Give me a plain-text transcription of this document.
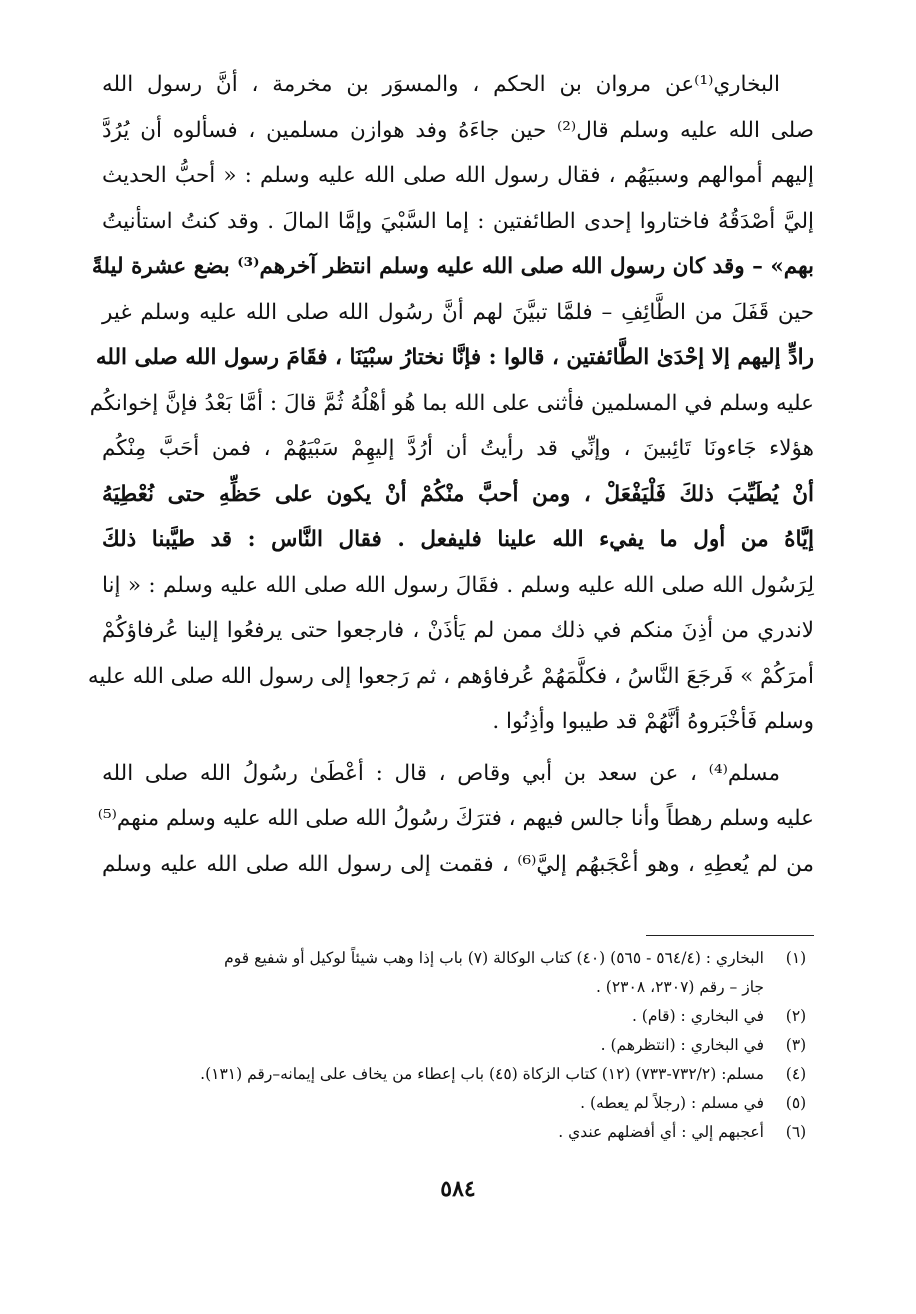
البخاري⁽¹⁾عن مروان بن الحكم ، والمسوَر بن مخرمة ، أنَّ رسول الله
صلى الله عليه وسلم قال⁽²⁾ حين جاءَهُ وفد هوازن مسلمين ، فسألوه أن يُرُدَّ
إليهم أموالهم وسبيَهُم ، فقال رسول الله صلى الله عليه وسلم : « أحبُّ الحديث
إليَّ أصْدَقُهُ فاختاروا إحدى الطائفتين : إما السَّبْيَ وإمَّا المالَ . وقد كنتُ استأنيتُ
بهم» – وقد كان رسول الله صلى الله عليه وسلم انتظر آخرهم⁽³⁾ بضع عشرة ليلةً
حين قَفَلَ من الطَّائِفِ – فلمَّا تبيَّنَ لهم أنَّ رسُول الله صلى الله عليه وسلم غير
رادٍّ إليهم إلا إحْدَىٰ الطَّائفتين ، قالوا : فإنَّا نختارُ سبْيَنَا ، فقَامَ رسول الله صلى الله
عليه وسلم في المسلمين فأثنى على الله بما هُو أهْلُهُ ثُمَّ قالَ : أمَّا بَعْدُ فإنَّ إخوانكُم
هؤلاء جَاءونَا تَائِبينَ ، وإنِّي قد رأيتُ أن أرُدَّ إليهِمْ سَبْيَهُمْ ، فمن أحَبَّ مِنْكُم
أنْ يُطَيِّبَ ذلكَ فَلْيَفْعَلْ ، ومن أحبَّ منْكُمْ أنْ يكون على حَظِّهِ حتى نُعْطِيَهُ
إيَّاهُ من أول ما يفيء الله علينا فليفعل . فقال النَّاس : قد طيَّبنا ذلكَ
لِرَسُول الله صلى الله عليه وسلم . فقَالَ رسول الله صلى الله عليه وسلم : « إنا
لاندري من أذِنَ منكم في ذلك ممن لم يَأذَنْ ، فارجعوا حتى يرفعُوا إلينا عُرفاؤكُمْ
أمرَكُمْ » فَرجَعَ النَّاسُ ، فكلَّمَهُمْ عُرفاؤهم ، ثم رَجعوا إلى رسول الله صلى الله عليه
وسلم فَأخْبَروهُ أنَّهُمْ قد طيبوا وأذِنُوا .
مسلم⁽⁴⁾ ، عن سعد بن أبي وقاص ، قال : أعْطَىٰ رسُولُ الله صلى الله
عليه وسلم رهطاً وأنا جالس فيهم ، فترَكَ رسُولُ الله صلى الله عليه وسلم منهم⁽⁵⁾
من لم يُعطِهِ ، وهو أعْجَبهُم إليَّ⁽⁶⁾ ، فقمت إلى رسول الله صلى الله عليه وسلم
(١)
البخاري : (٥٦٤/٤ - ٥٦٥) (٤٠) كتاب الوكالة (٧) باب إذا وهب شيئاً لوكيل أو شفيع قوم
جاز – رقم (٢٣٠٧، ٢٣٠٨) .
(٢)
في البخاري : (قام) .
(٣)
في البخاري : (انتظرهم) .
(٤)
مسلم: (٧٣٢/٢-٧٣٣) (١٢) كتاب الزكاة (٤٥) باب إعطاء من يخاف على إيمانه–رقم (١٣١).
(٥)
في مسلم : (رجلاً لم يعطه) .
(٦)
أعجبهم إلي : أي أفضلهم عندي .
٥٨٤
